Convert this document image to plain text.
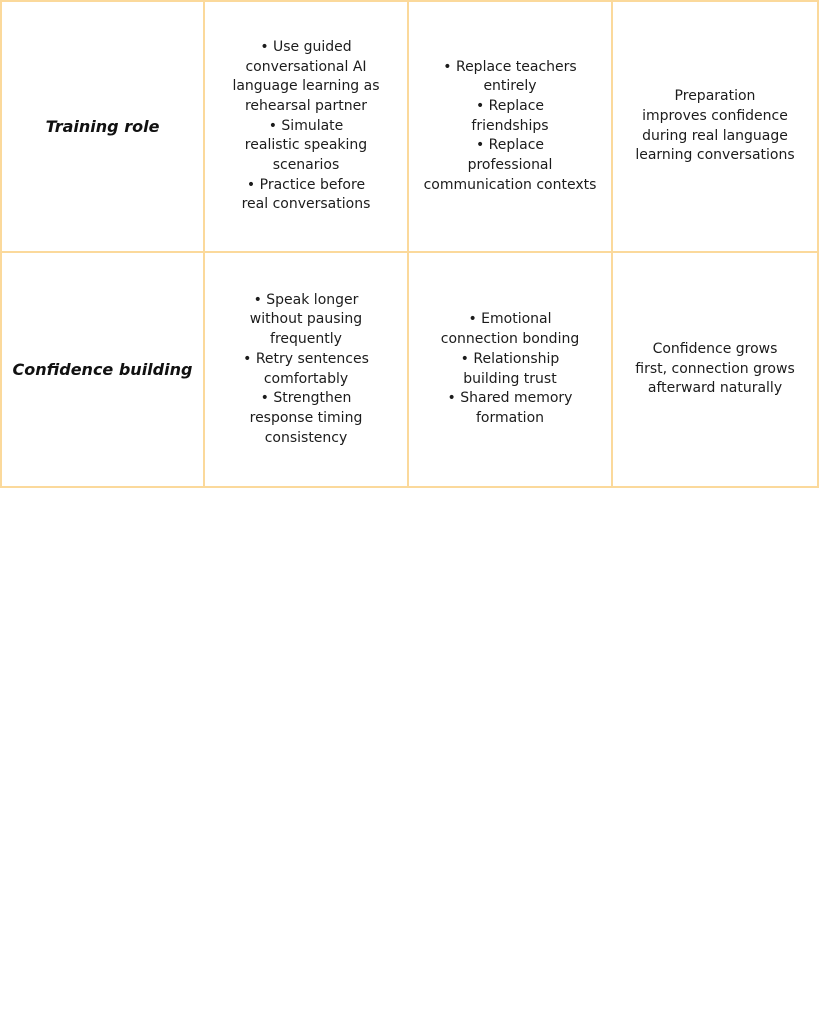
Training role
• Use guided
conversational AI
language learning as
rehearsal partner
• Simulate
realistic speaking
scenarios
• Practice before
real conversations
• Replace teachers
entirely
• Replace
friendships
• Replace
professional
communication contexts
Preparation
improves confidence
during real language
learning conversations
Confidence building
• Speak longer
without pausing
frequently
• Retry sentences
comfortably
• Strengthen
response timing
consistency
• Emotional
connection bonding
• Relationship
building trust
• Shared memory
formation
Confidence grows
first, connection grows
afterward naturally
